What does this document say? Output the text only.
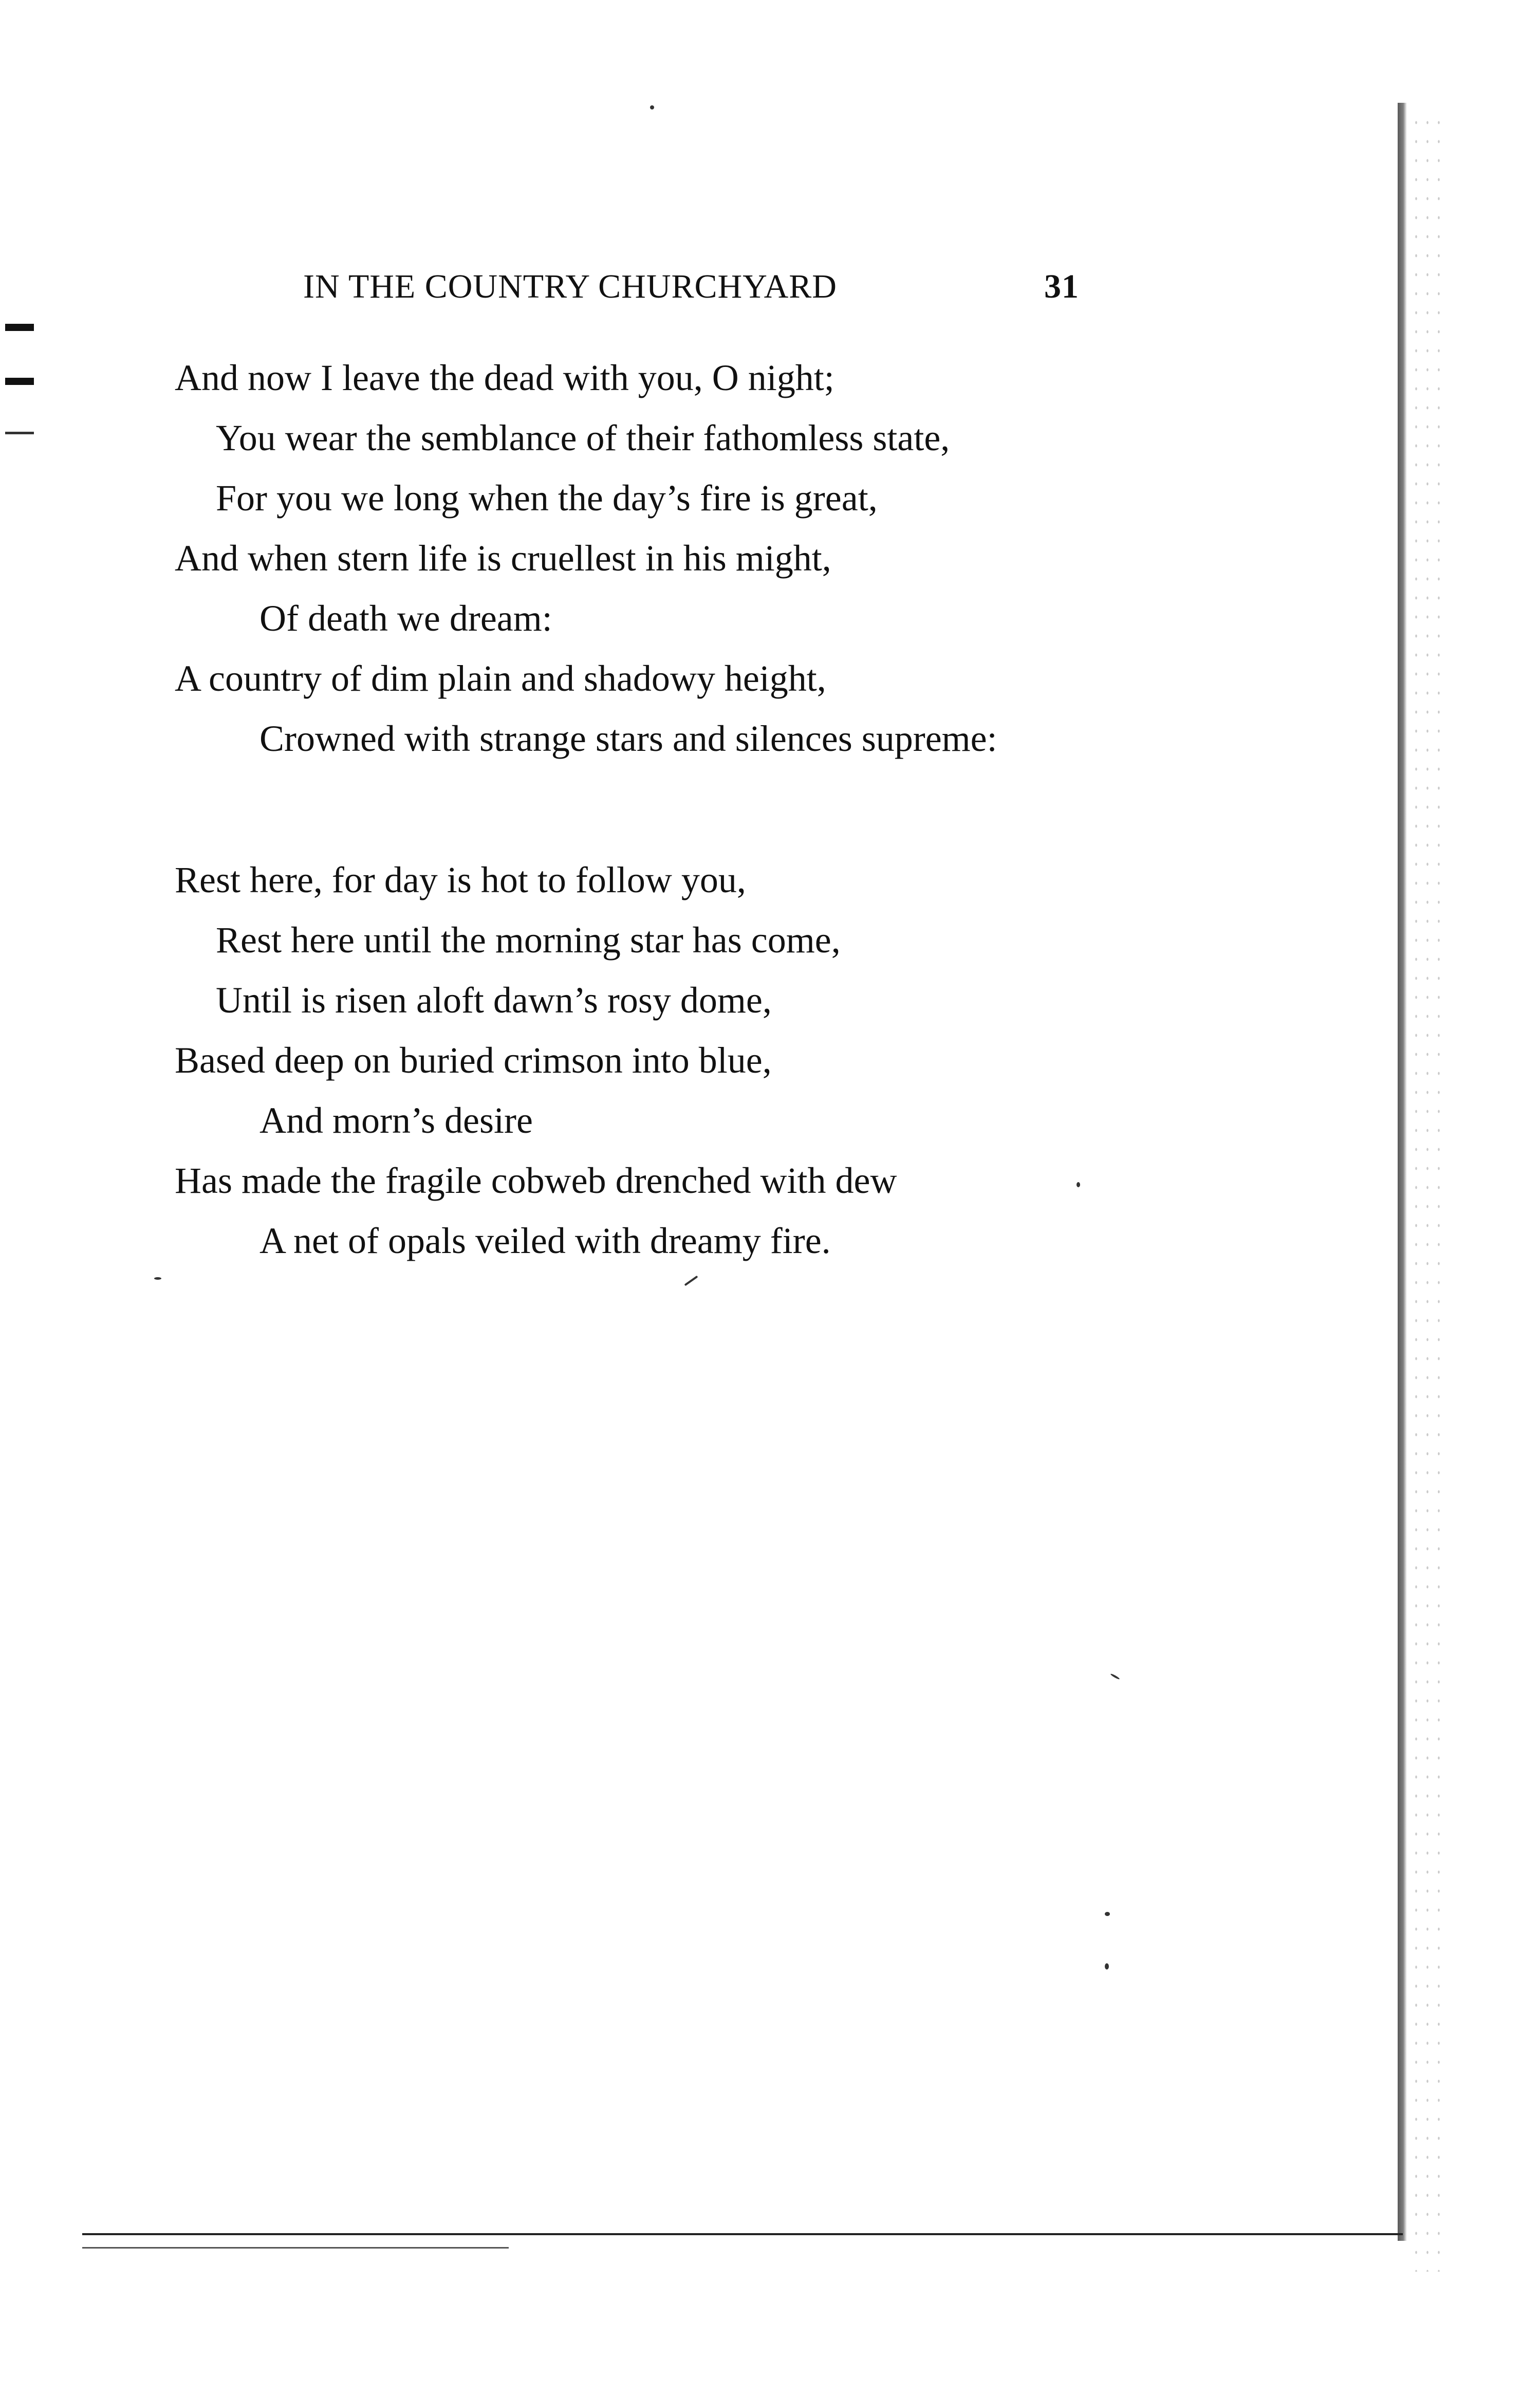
IN THE COUNTRY CHURCHYARD	31
And now I leave the dead with you, O night;
You wear the semblance of their fathomless state,
For you we long when the day’s fire is great,
And when stern life is cruellest in his might,
Of death we dream:
A country of dim plain and shadowy height,
Crowned with strange stars and silences supreme:
Rest here, for day is hot to follow you,
Rest here until the morning star has come,
Until is risen aloft dawn’s rosy dome,
Based deep on buried crimson into blue,
And morn’s desire
Has made the fragile cobweb drenched with dew
A net of opals veiled with dreamy fire.
